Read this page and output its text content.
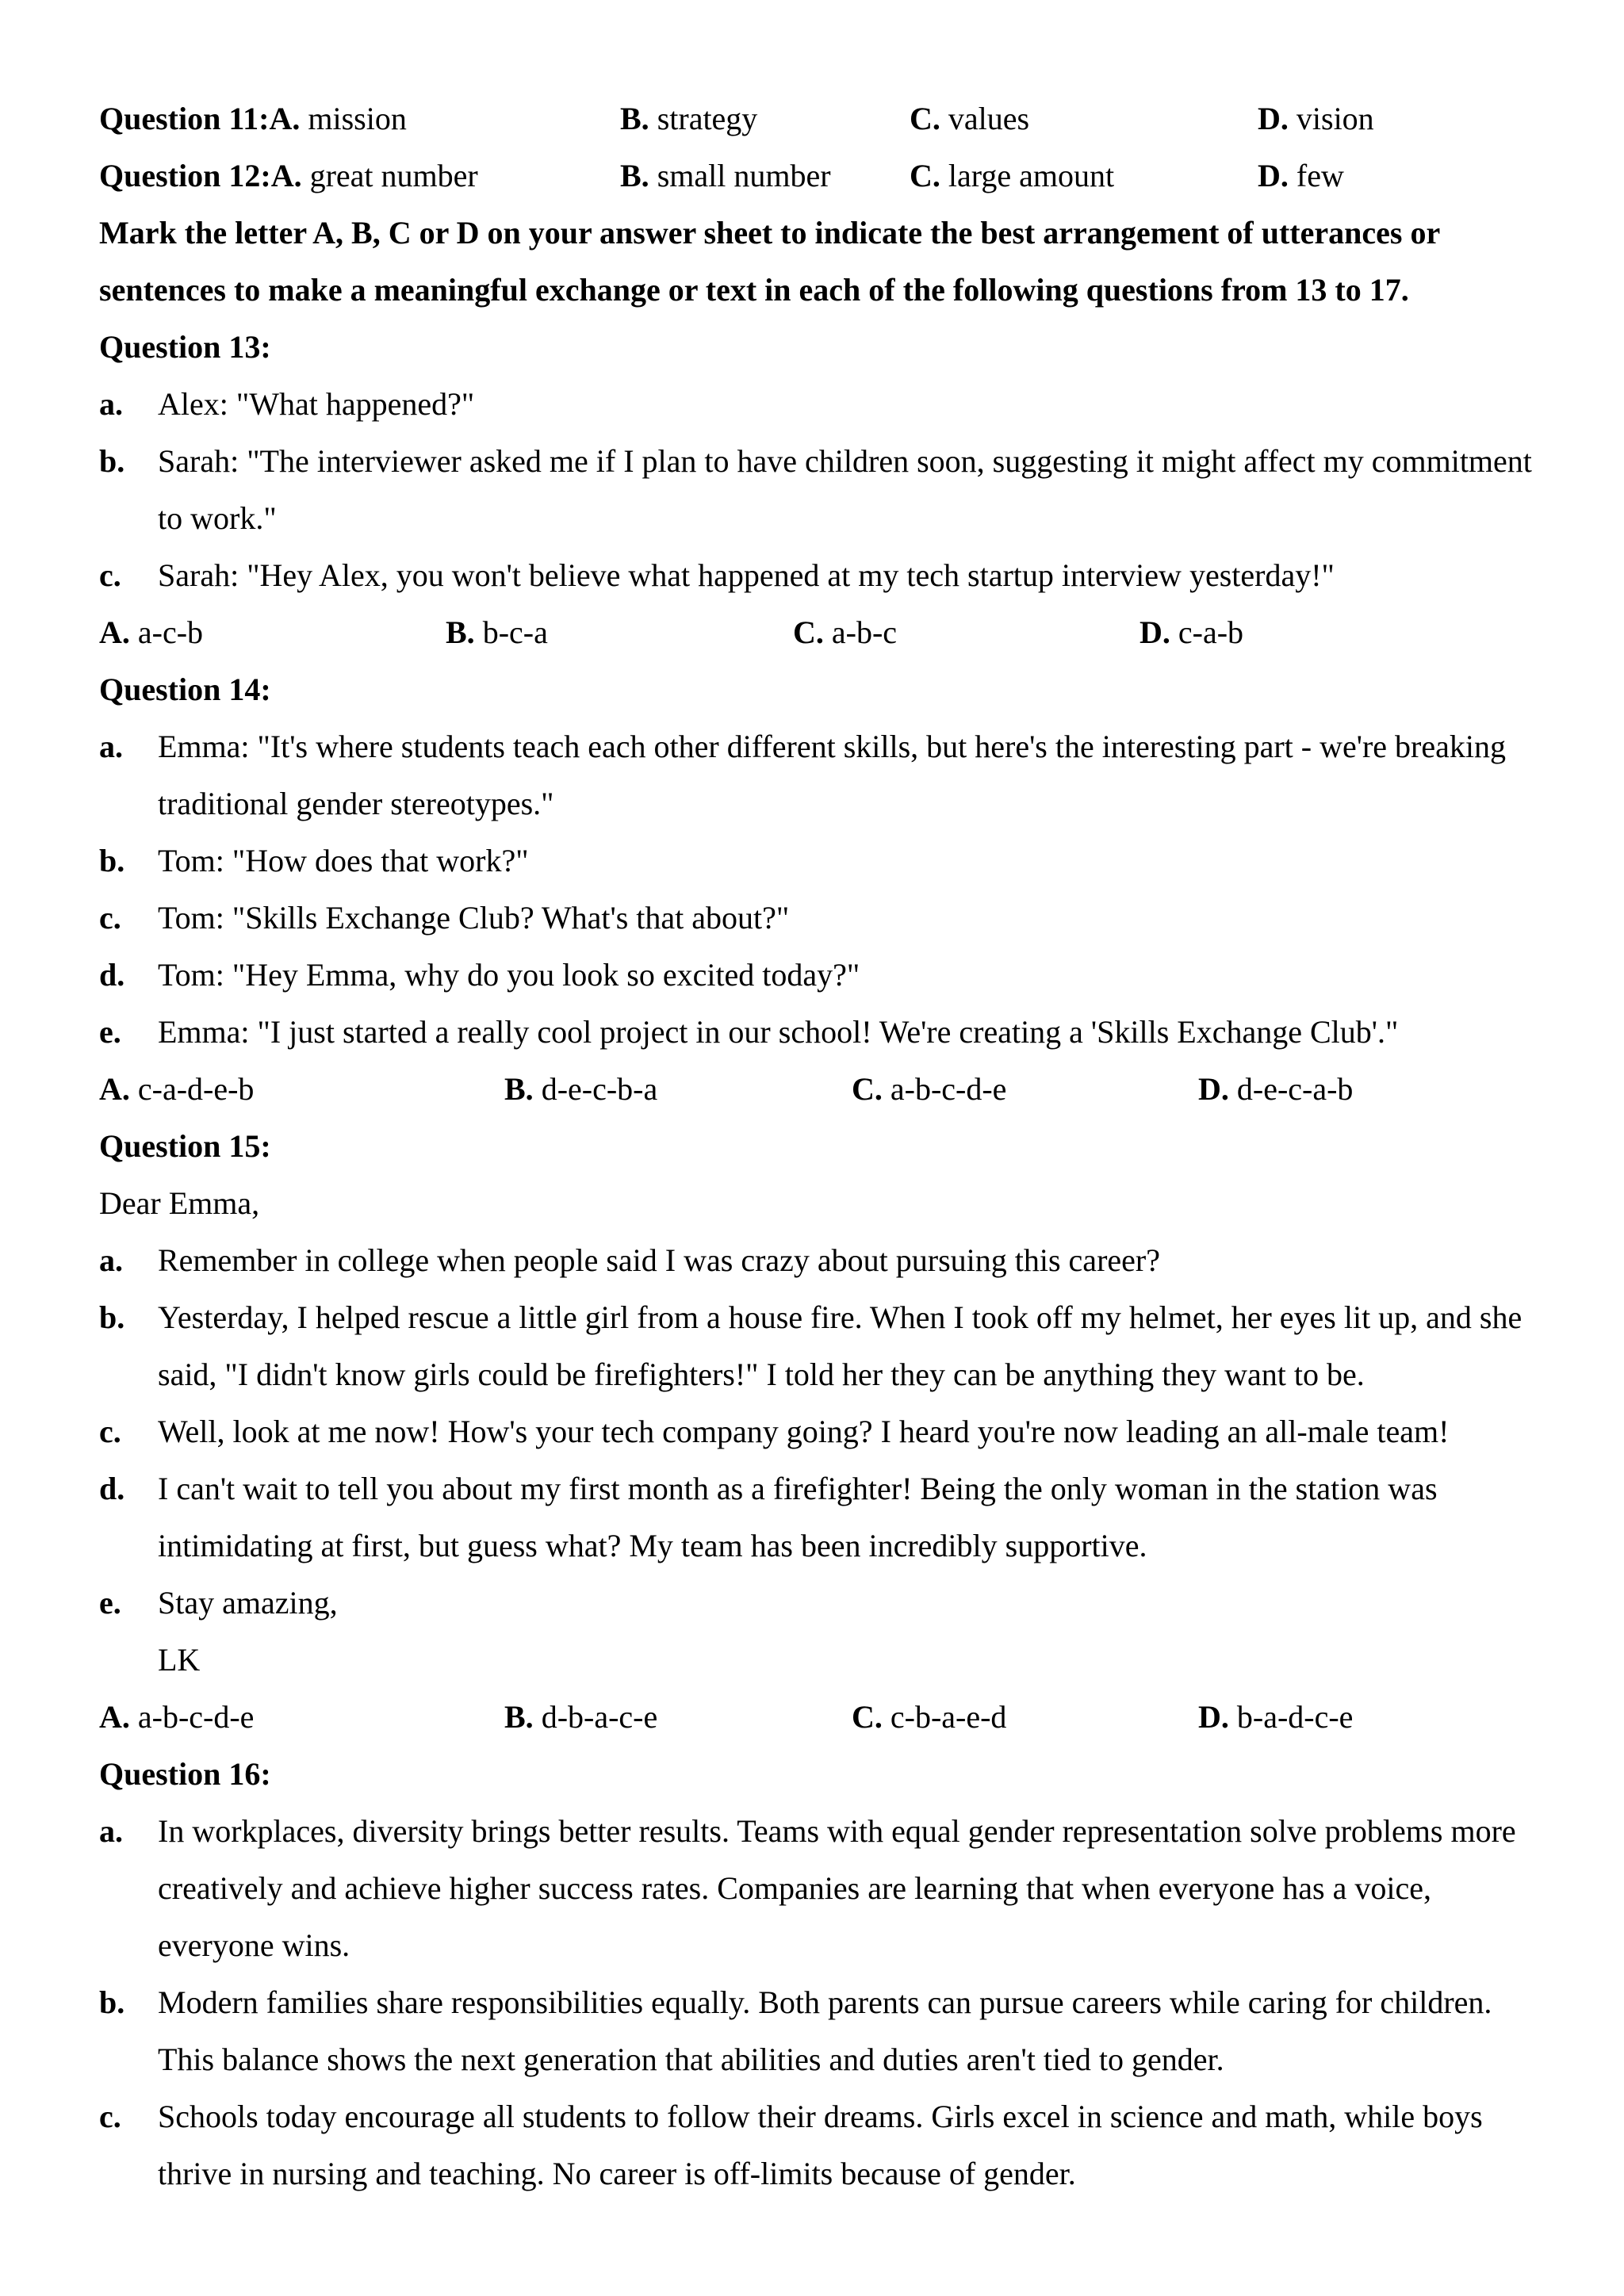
Question 11:A. mission	B. strategy	C. values	D. vision
Question 12:A. great number	B. small number C. large amount	D. few
Mark the letter A, B, C or D on your answer sheet to indicate the best arrangement of utterances or
sentences to make a meaningful exchange or text in each of the following questions from 13 to 17.
Question 13:
a. Alex: "What happened?"
b. Sarah: "The interviewer asked me if I plan to have children soon, suggesting it might affect my commitment to work."
c. Sarah: "Hey Alex, you won't believe what happened at my tech startup interview yesterday!"
A. a-c-b	B. b-c-a	C. a-b-c	D. c-a-b
Question 14:
a. Emma: "It's where students teach each other different skills, but here's the interesting part - we're breaking traditional gender stereotypes."
b. Tom: "How does that work?"
c. Tom: "Skills Exchange Club? What's that about?"
d. Tom: "Hey Emma, why do you look so excited today?"
e. Emma: "I just started a really cool project in our school! We're creating a 'Skills Exchange Club'."
A. c-a-d-e-b	B. d-e-c-b-a	C. a-b-c-d-e	D. d-e-c-a-b
Question 15:
Dear Emma,
a. Remember in college when people said I was crazy about pursuing this career?
b. Yesterday, I helped rescue a little girl from a house fire. When I took off my helmet, her eyes lit up, and she said, "I didn't know girls could be firefighters!" I told her they can be anything they want to be.
c. Well, look at me now! How's your tech company going? I heard you're now leading an all-male team!
d. I can't wait to tell you about my first month as a firefighter! Being the only woman in the station was intimidating at first, but guess what? My team has been incredibly supportive.
e. Stay amazing,
LK
A. a-b-c-d-e	B. d-b-a-c-e	C. c-b-a-e-d	D. b-a-d-c-e
Question 16:
a. In workplaces, diversity brings better results. Teams with equal gender representation solve problems more creatively and achieve higher success rates. Companies are learning that when everyone has a voice, everyone wins.
b. Modern families share responsibilities equally. Both parents can pursue careers while caring for children. This balance shows the next generation that abilities and duties aren't tied to gender.
c. Schools today encourage all students to follow their dreams. Girls excel in science and math, while boys thrive in nursing and teaching. No career is off-limits because of gender.
